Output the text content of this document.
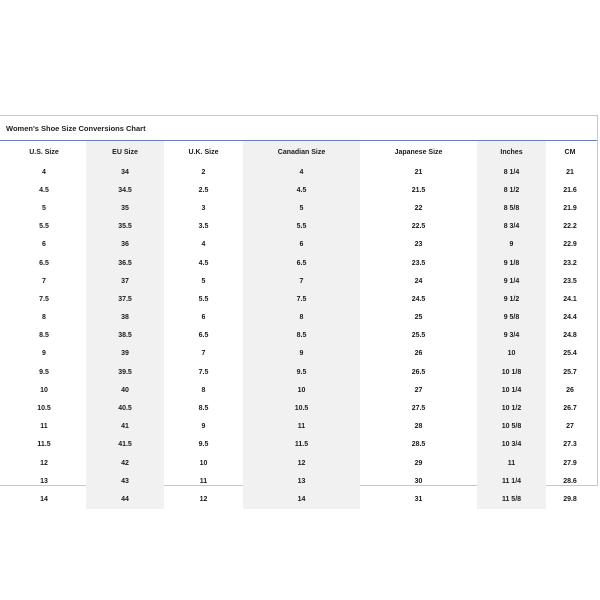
Women's Shoe Size Conversions Chart
U.S. Size	EU Size	U.K. Size	Canadian Size	Japanese Size	Inches	CM
4	34	2	4	21	8 1/4	21
4.5	34.5	2.5	4.5	21.5	8 1/2	21.6
5	35	3	5	22	8 5/8	21.9
5.5	35.5	3.5	5.5	22.5	8 3/4	22.2
6	36	4	6	23	9	22.9
6.5	36.5	4.5	6.5	23.5	9 1/8	23.2
7	37	5	7	24	9 1/4	23.5
7.5	37.5	5.5	7.5	24.5	9 1/2	24.1
8	38	6	8	25	9 5/8	24.4
8.5	38.5	6.5	8.5	25.5	9 3/4	24.8
9	39	7	9	26	10	25.4
9.5	39.5	7.5	9.5	26.5	10 1/8	25.7
10	40	8	10	27	10 1/4	26
10.5	40.5	8.5	10.5	27.5	10 1/2	26.7
11	41	9	11	28	10 5/8	27
11.5	41.5	9.5	11.5	28.5	10 3/4	27.3
12	42	10	12	29	11	27.9
13	43	11	13	30	11 1/4	28.6
14	44	12	14	31	11 5/8	29.8
